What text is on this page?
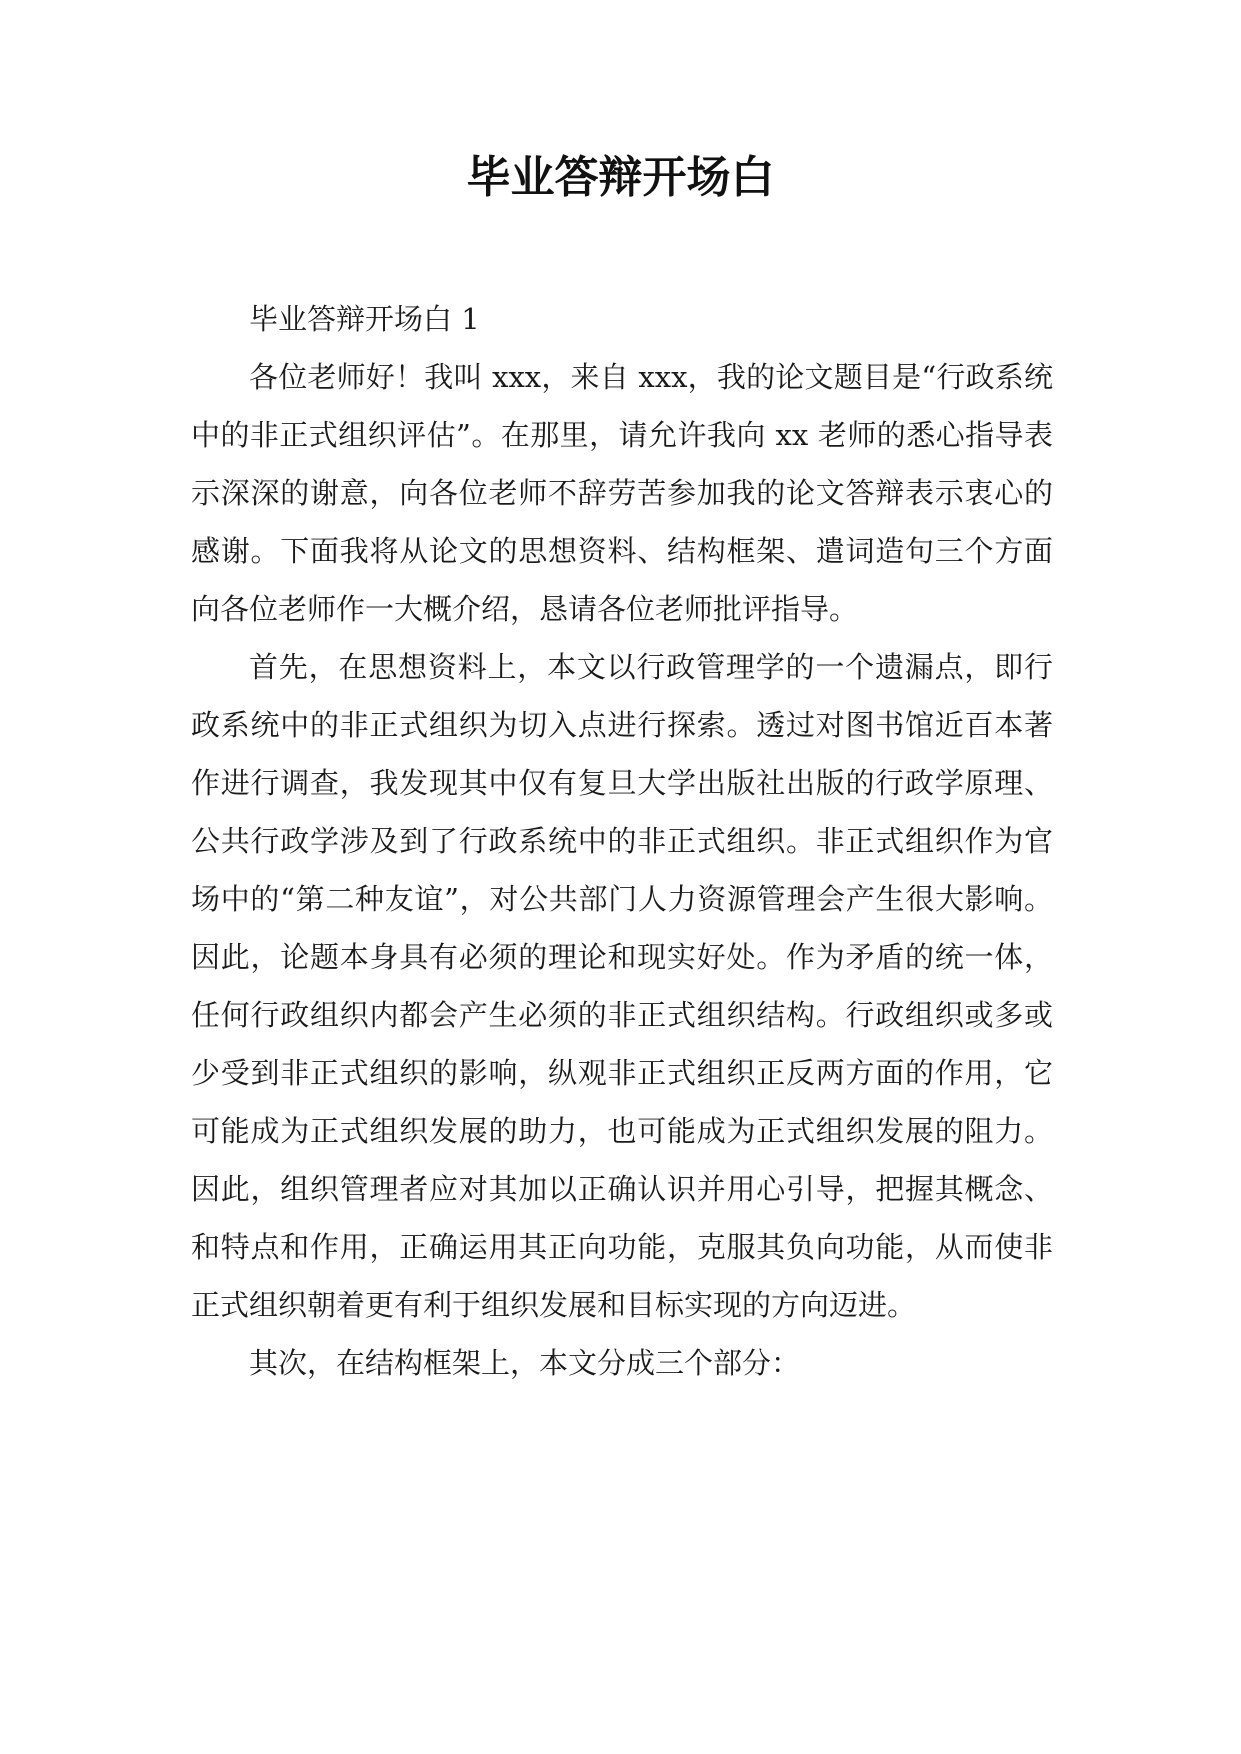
毕业答辩开场白

毕业答辩开场白 1

各位老师好！我叫 xxx，来自 xxx，我的论文题目是“行政系统中的非正式组织评估”。在那里，请允许我向 xx 老师的悉心指导表示深深的谢意，向各位老师不辞劳苦参加我的论文答辩表示衷心的感谢。下面我将从论文的思想资料、结构框架、遣词造句三个方面向各位老师作一大概介绍，恳请各位老师批评指导。

首先，在思想资料上，本文以行政管理学的一个遗漏点，即行政系统中的非正式组织为切入点进行探索。透过对图书馆近百本著作进行调查，我发现其中仅有复旦大学出版社出版的行政学原理、公共行政学涉及到了行政系统中的非正式组织。非正式组织作为官场中的“第二种友谊”，对公共部门人力资源管理会产生很大影响。因此，论题本身具有必须的理论和现实好处。作为矛盾的统一体，任何行政组织内都会产生必须的非正式组织结构。行政组织或多或少受到非正式组织的影响，纵观非正式组织正反两方面的作用，它可能成为正式组织发展的助力，也可能成为正式组织发展的阻力。因此，组织管理者应对其加以正确认识并用心引导，把握其概念、和特点和作用，正确运用其正向功能，克服其负向功能，从而使非正式组织朝着更有利于组织发展和目标实现的方向迈进。

其次，在结构框架上，本文分成三个部分：
